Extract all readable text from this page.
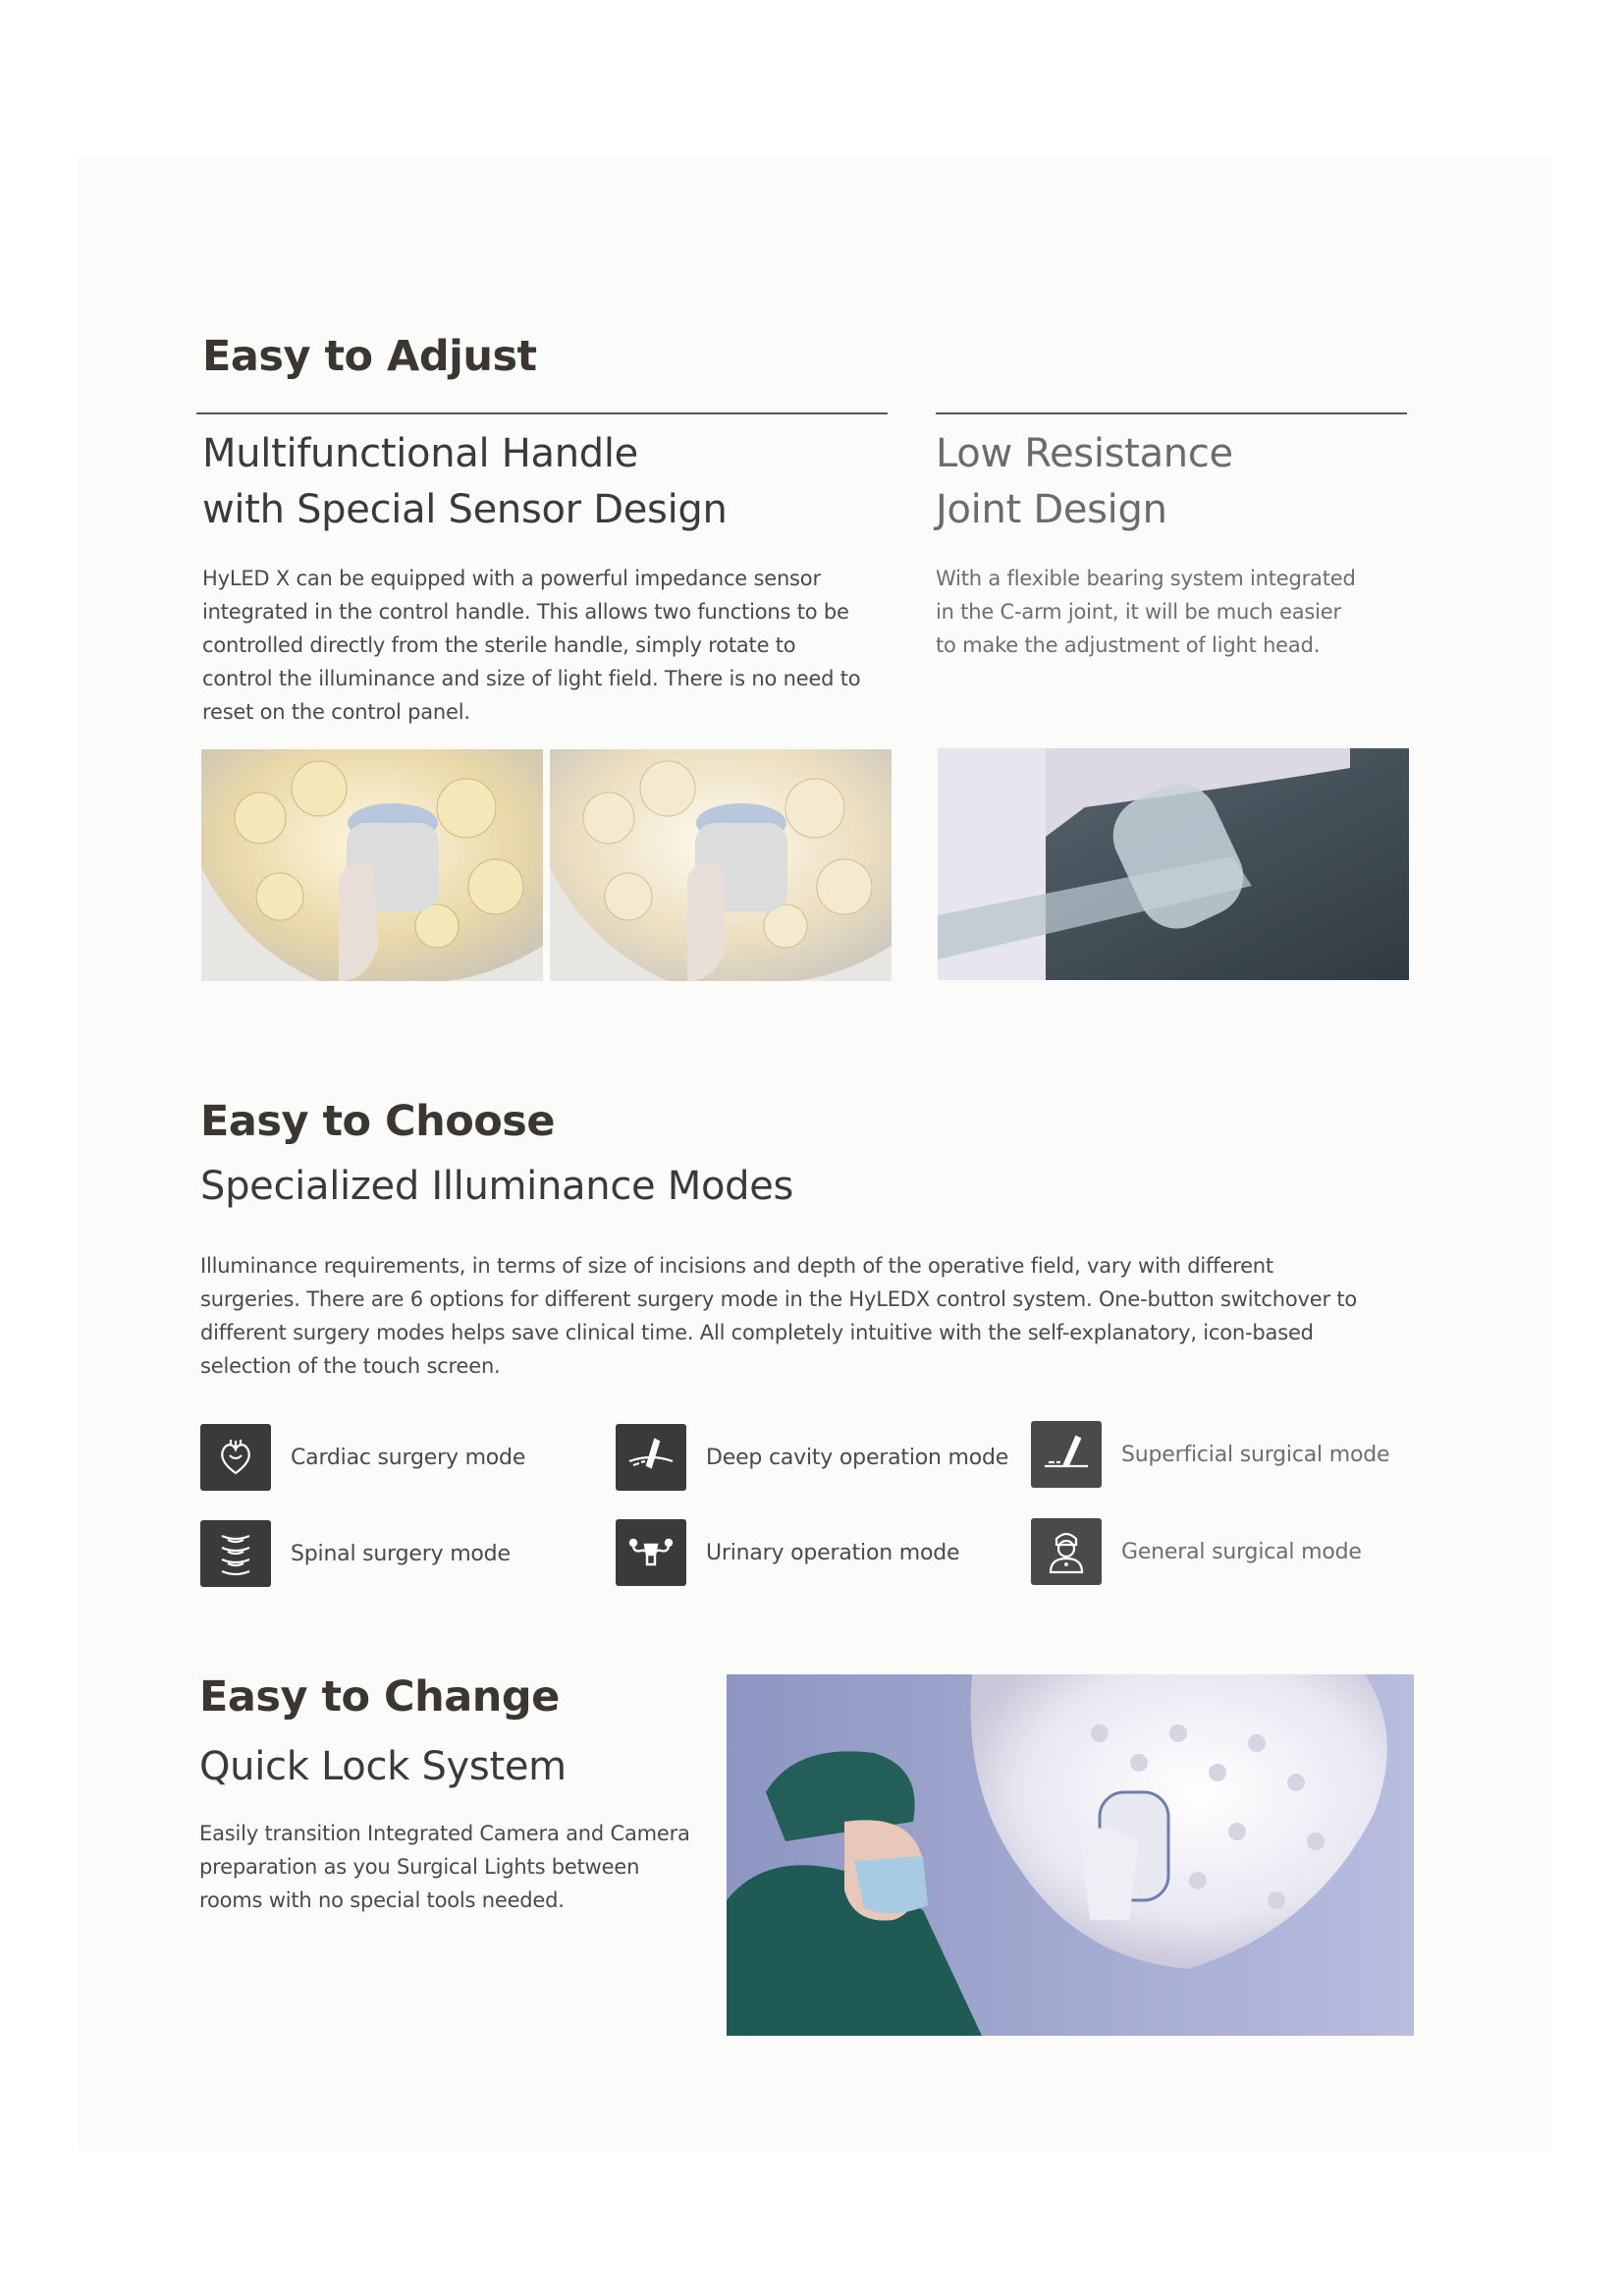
Easy to Adjust
Multifunctional Handle
with Special Sensor Design

HyLED X can be equipped with a powerful impedance sensor integrated in the control handle. This allows two functions to be controlled directly from the sterile handle, simply rotate to control the illuminance and size of light field. There is no need to reset on the control panel.

Low Resistance
Joint Design

With a flexible bearing system integrated in the C-arm joint, it will be much easier to make the adjustment of light head.

Easy to Choose
Specialized Illuminance Modes

Illuminance requirements, in terms of size of incisions and depth of the operative field, vary with different surgeries. There are 6 options for different surgery mode in the HyLEDX control system. One-button switchover to different surgery modes helps save clinical time. All completely intuitive with the self-explanatory, icon-based selection of the touch screen.

Cardiac surgery mode	Deep cavity operation mode	Superficial surgical mode
Spinal surgery mode	Urinary operation mode	General surgical mode
Easy to Change
Quick Lock System

Easily transition Integrated Camera and Camera preparation as you Surgical Lights between rooms with no special tools needed.
